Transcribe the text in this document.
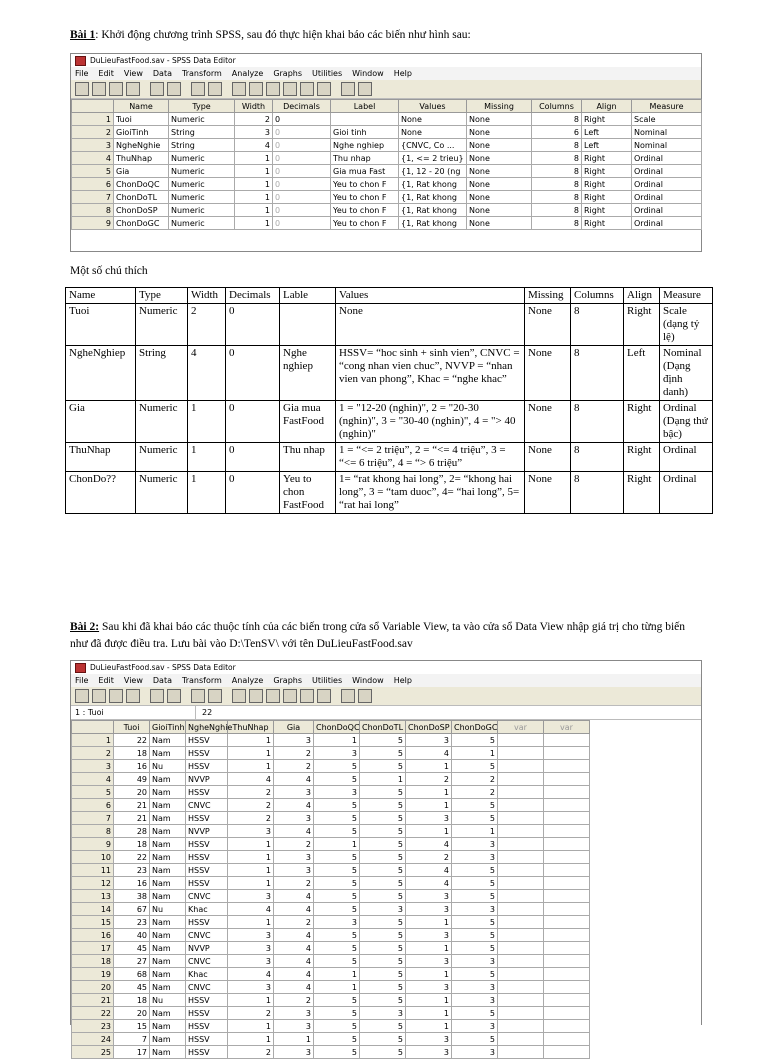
Bài 1: Khởi động chương trình SPSS, sau đó thực hiện khai báo các biến như hình sau:
DuLieuFastFood.sav - SPSS Data Editor
File Edit View Data Transform Analyze Graphs Utilities Window Help
	Name	Type	Width	Decimals	Label	Values	Missing	Columns	Align	Measure
1	Tuoi	Numeric	2	0		None	None	8	Right	Scale
2	GioiTinh	String	3	0	Gioi tinh	None	None	6	Left	Nominal
3	NgheNghie	String	4	0	Nghe nghiep	{CNVC, Co ...	None	8	Left	Nominal
4	ThuNhap	Numeric	1	0	Thu nhap	{1, <= 2 trieu}	None	8	Right	Ordinal
5	Gia	Numeric	1	0	Gia mua Fast	{1, 12 - 20 (ng	None	8	Right	Ordinal
6	ChonDoQC	Numeric	1	0	Yeu to chon F	{1, Rat khong	None	8	Right	Ordinal
7	ChonDoTL	Numeric	1	0	Yeu to chon F	{1, Rat khong	None	8	Right	Ordinal
8	ChonDoSP	Numeric	1	0	Yeu to chon F	{1, Rat khong	None	8	Right	Ordinal
9	ChonDoGC	Numeric	1	0	Yeu to chon F	{1, Rat khong	None	8	Right	Ordinal
Một số chú thích
Name	Type	Width	Decimals	Lable	Values	Missing	Columns	Align	Measure
Tuoi	Numeric	2	0		None	None	8	Right	Scale (dạng tỷ lệ)
NgheNghiep	String	4	0	Nghe nghiep	HSSV= “hoc sinh + sinh vien”, CNVC = “cong nhan vien chuc”, NVVP = “nhan vien van phong”, Khac = “nghe khac”	None	8	Left	Nominal (Dạng định danh)
Gia	Numeric	1	0	Gia mua FastFood	1 = "12-20 (nghin)", 2 = "20-30 (nghin)", 3 = "30-40 (nghin)", 4 = "> 40 (nghin)"	None	8	Right	Ordinal (Dạng thứ bậc)
ThuNhap	Numeric	1	0	Thu nhap	1 = “<= 2 triệu”, 2 = “<= 4 triệu”, 3 = “<= 6 triệu”, 4 = “> 6 triệu”	None	8	Right	Ordinal
ChonDo??	Numeric	1	0	Yeu to chon FastFood	1= “rat khong hai long”, 2= “khong hai long”, 3 = “tam duoc”, 4= “hai long”, 5= “rat hai long”	None	8	Right	Ordinal
Bài 2: Sau khi đã khai báo các thuộc tính của các biến trong cửa sổ Variable View, ta vào cửa sổ Data View nhập giá trị cho từng biến như đã được điều tra. Lưu bài vào D:\TenSV\ với tên DuLieuFastFood.sav
DuLieuFastFood.sav - SPSS Data Editor
File Edit View Data Transform Analyze Graphs Utilities Window Help
1 : Tuoi	22
	Tuoi	GioiTinh	NgheNghie	ThuNhap	Gia	ChonDoQC	ChonDoTL	ChonDoSP	ChonDoGC	var	var
1	22	Nam	HSSV	1	3	1	5	3	5		
2	18	Nam	HSSV	1	2	3	5	4	1		
3	16	Nu	HSSV	1	2	5	5	1	5		
4	49	Nam	NVVP	4	4	5	1	2	2		
5	20	Nam	HSSV	2	3	3	5	1	2		
6	21	Nam	CNVC	2	4	5	5	1	5		
7	21	Nam	HSSV	2	3	5	5	3	5		
8	28	Nam	NVVP	3	4	5	5	1	1		
9	18	Nam	HSSV	1	2	1	5	4	3		
10	22	Nam	HSSV	1	3	5	5	2	3		
11	23	Nam	HSSV	1	3	5	5	4	5		
12	16	Nam	HSSV	1	2	5	5	4	5		
13	38	Nam	CNVC	3	4	5	5	3	5		
14	67	Nu	Khac	4	4	5	3	3	3		
15	23	Nam	HSSV	1	2	3	5	1	5		
16	40	Nam	CNVC	3	4	5	5	3	5		
17	45	Nam	NVVP	3	4	5	5	1	5		
18	27	Nam	CNVC	3	4	5	5	3	3		
19	68	Nam	Khac	4	4	1	5	1	5		
20	45	Nam	CNVC	3	4	1	5	3	3		
21	18	Nu	HSSV	1	2	5	5	1	3		
22	20	Nam	HSSV	2	3	5	3	1	5		
23	15	Nam	HSSV	1	3	5	5	1	3		
24	7	Nam	HSSV	1	1	5	5	3	5		
25	17	Nam	HSSV	2	3	5	5	3	3		
